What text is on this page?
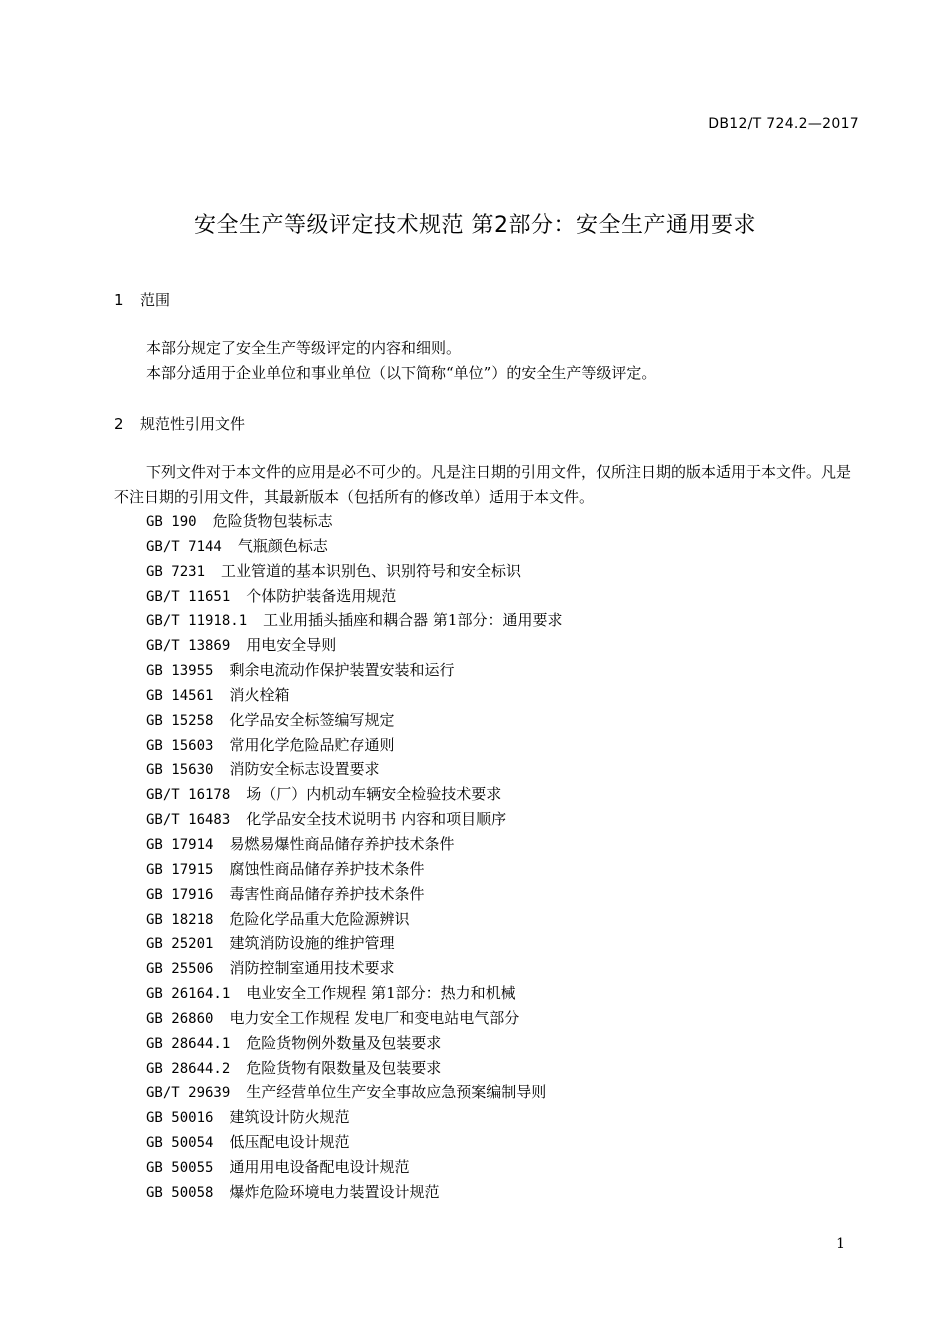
DB12/T 724.2—2017
安全生产等级评定技术规范 第2部分：安全生产通用要求
1 范围
本部分规定了安全生产等级评定的内容和细则。
本部分适用于企业单位和事业单位（以下简称“单位”）的安全生产等级评定。
2 规范性引用文件
下列文件对于本文件的应用是必不可少的。凡是注日期的引用文件，仅所注日期的版本适用于本文件。凡是不注日期的引用文件，其最新版本（包括所有的修改单）适用于本文件。
GB 190 危险货物包装标志
GB/T 7144 气瓶颜色标志
GB 7231 工业管道的基本识别色、识别符号和安全标识
GB/T 11651 个体防护装备选用规范
GB/T 11918.1 工业用插头插座和耦合器 第1部分：通用要求
GB/T 13869 用电安全导则
GB 13955 剩余电流动作保护装置安装和运行
GB 14561 消火栓箱
GB 15258 化学品安全标签编写规定
GB 15603 常用化学危险品贮存通则
GB 15630 消防安全标志设置要求
GB/T 16178 场（厂）内机动车辆安全检验技术要求
GB/T 16483 化学品安全技术说明书 内容和项目顺序
GB 17914 易燃易爆性商品储存养护技术条件
GB 17915 腐蚀性商品储存养护技术条件
GB 17916 毒害性商品储存养护技术条件
GB 18218 危险化学品重大危险源辨识
GB 25201 建筑消防设施的维护管理
GB 25506 消防控制室通用技术要求
GB 26164.1 电业安全工作规程 第1部分：热力和机械
GB 26860 电力安全工作规程 发电厂和变电站电气部分
GB 28644.1 危险货物例外数量及包装要求
GB 28644.2 危险货物有限数量及包装要求
GB/T 29639 生产经营单位生产安全事故应急预案编制导则
GB 50016 建筑设计防火规范
GB 50054 低压配电设计规范
GB 50055 通用用电设备配电设计规范
GB 50058 爆炸危险环境电力装置设计规范
1
